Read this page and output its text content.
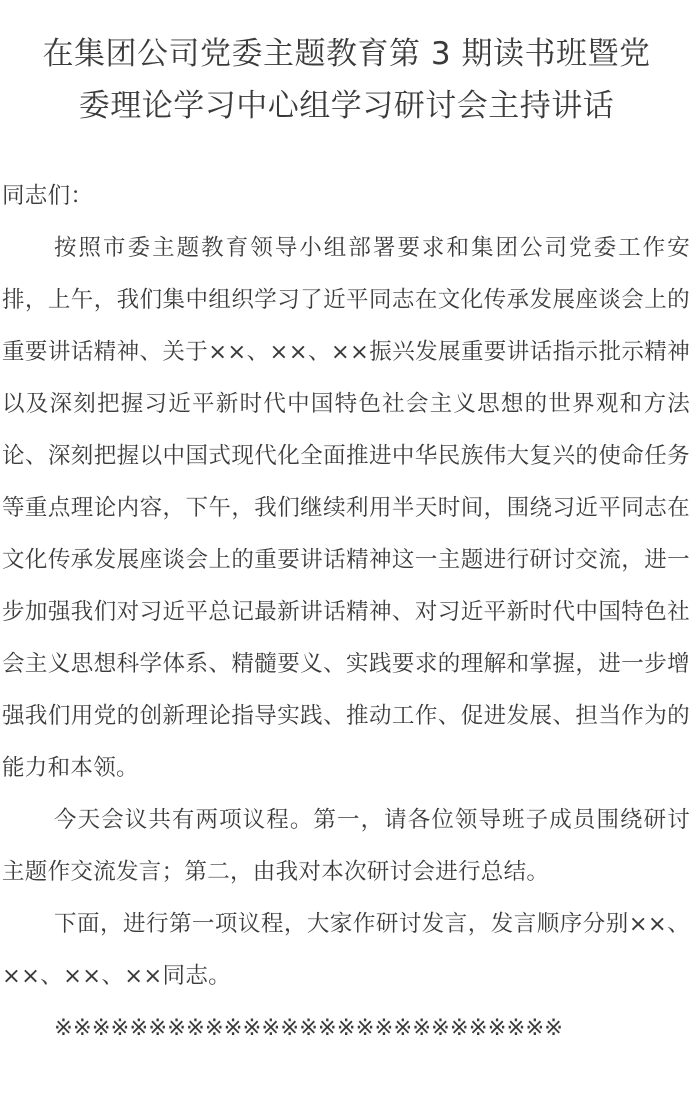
在集团公司党委主题教育第 3 期读书班暨党
委理论学习中心组学习研讨会主持讲话

同志们：

按照市委主题教育领导小组部署要求和集团公司党委工作安排，上午，我们集中组织学习了近平同志在文化传承发展座谈会上的重要讲话精神、关于××、××、××振兴发展重要讲话指示批示精神以及深刻把握习近平新时代中国特色社会主义思想的世界观和方法论、深刻把握以中国式现代化全面推进中华民族伟大复兴的使命任务等重点理论内容，下午，我们继续利用半天时间，围绕习近平同志在文化传承发展座谈会上的重要讲话精神这一主题进行研讨交流，进一步加强我们对习近平总记最新讲话精神、对习近平新时代中国特色社会主义思想科学体系、精髓要义、实践要求的理解和掌握，进一步增强我们用党的创新理论指导实践、推动工作、促进发展、担当作为的能力和本领。

今天会议共有两项议程。第一，请各位领导班子成员围绕研讨主题作交流发言；第二，由我对本次研讨会进行总结。

下面，进行第一项议程，大家作研讨发言，发言顺序分别××、××、××、××同志。

※※※※※※※※※※※※※※※※※※※※※※※※※※※
